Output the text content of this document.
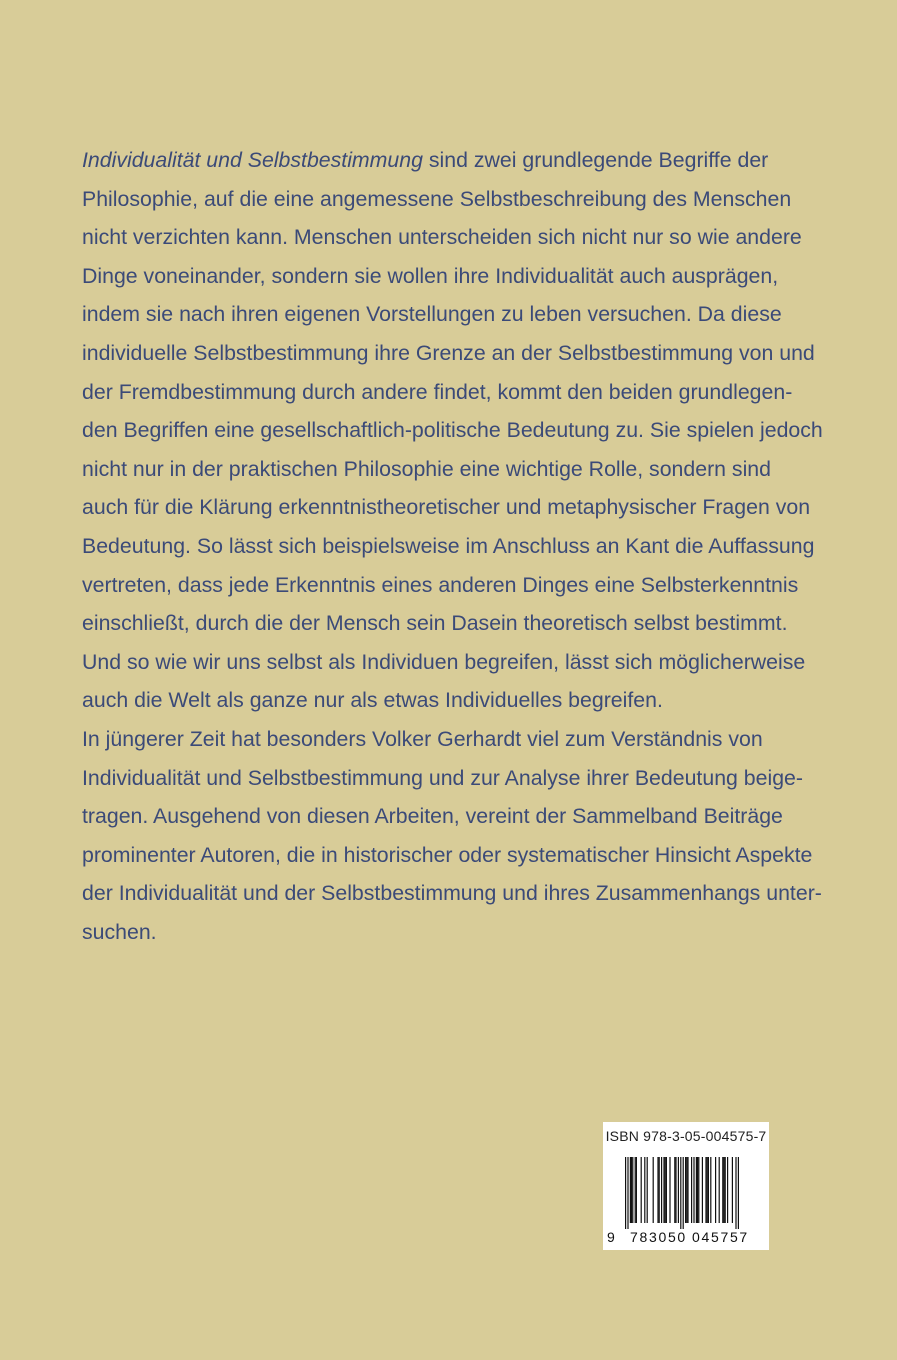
Individualität und Selbstbestimmung sind zwei grundlegende Begriffe der
Philosophie, auf die eine angemessene Selbstbeschreibung des Menschen
nicht verzichten kann. Menschen unterscheiden sich nicht nur so wie andere
Dinge voneinander, sondern sie wollen ihre Individualität auch ausprägen,
indem sie nach ihren eigenen Vorstellungen zu leben versuchen. Da diese
individuelle Selbstbestimmung ihre Grenze an der Selbstbestimmung von und
der Fremdbestimmung durch andere findet, kommt den beiden grundlegen-
den Begriffen eine gesellschaftlich-politische Bedeutung zu. Sie spielen jedoch
nicht nur in der praktischen Philosophie eine wichtige Rolle, sondern sind
auch für die Klärung erkenntnistheoretischer und metaphysischer Fragen von
Bedeutung. So lässt sich beispielsweise im Anschluss an Kant die Auffassung
vertreten, dass jede Erkenntnis eines anderen Dinges eine Selbsterkenntnis
einschließt, durch die der Mensch sein Dasein theoretisch selbst bestimmt.
Und so wie wir uns selbst als Individuen begreifen, lässt sich möglicherweise
auch die Welt als ganze nur als etwas Individuelles begreifen.
In jüngerer Zeit hat besonders Volker Gerhardt viel zum Verständnis von
Individualität und Selbstbestimmung und zur Analyse ihrer Bedeutung beige-
tragen. Ausgehend von diesen Arbeiten, vereint der Sammelband Beiträge
prominenter Autoren, die in historischer oder systematischer Hinsicht Aspekte
der Individualität und der Selbstbestimmung und ihres Zusammenhangs unter-
suchen.
ISBN 978-3-05-004575-7
9 783050 045757
